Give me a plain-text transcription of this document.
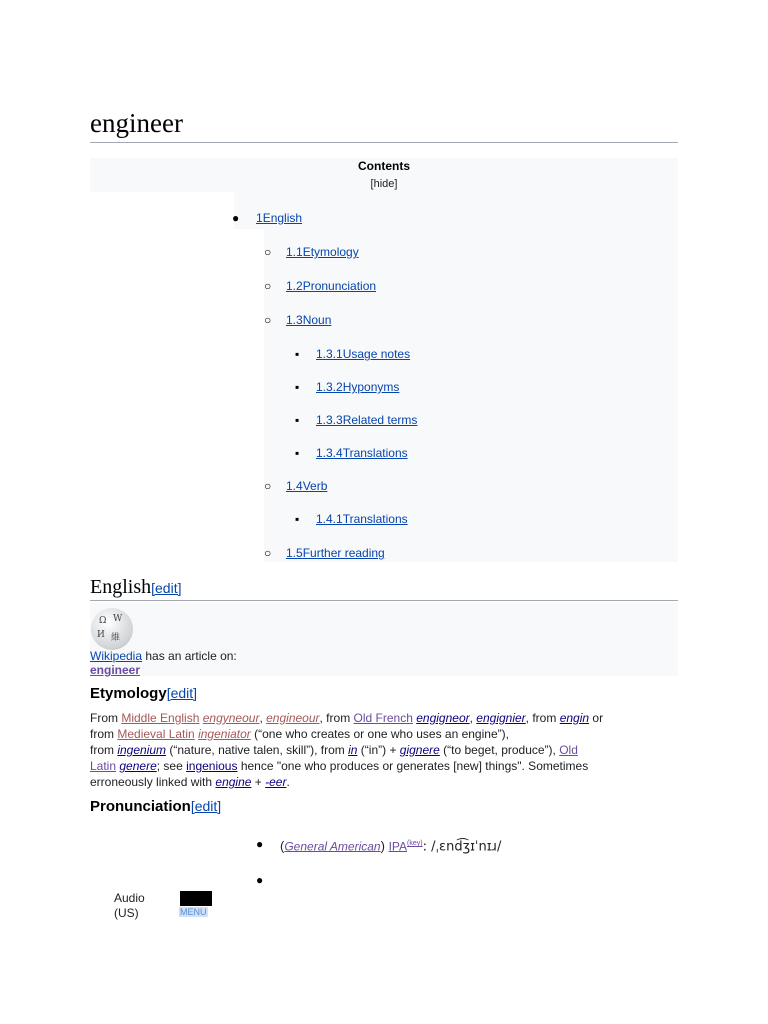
engineer
Contents
[hide]
● 1English
○ 1.1Etymology
○ 1.2Pronunciation
○ 1.3Noun
▪ 1.3.1Usage notes
▪ 1.3.2Hyponyms
▪ 1.3.3Related terms
▪ 1.3.4Translations
○ 1.4Verb
▪ 1.4.1Translations
○ 1.5Further reading
English[edit]
Ω W
И 維
Wikipedia has an article on:
engineer
Etymology[edit]
From Middle English engyneour, engineour, from Old French engigneor, engignier, from engin or
from Medieval Latin ingeniator (“one who creates or one who uses an engine”),
from ingenium (“nature, native talen, skill”), from in (“in”) + gignere (“to beget, produce”), Old
Latin genere; see ingenious hence "one who produces or generates [new] things". Sometimes
erroneously linked with engine + -eer.
Pronunciation[edit]
● (General American) $IPA^{(key)}$: /ˌɛnd͡ʒɪˈnɪɹ/
●
Audio
(US)	MENU
